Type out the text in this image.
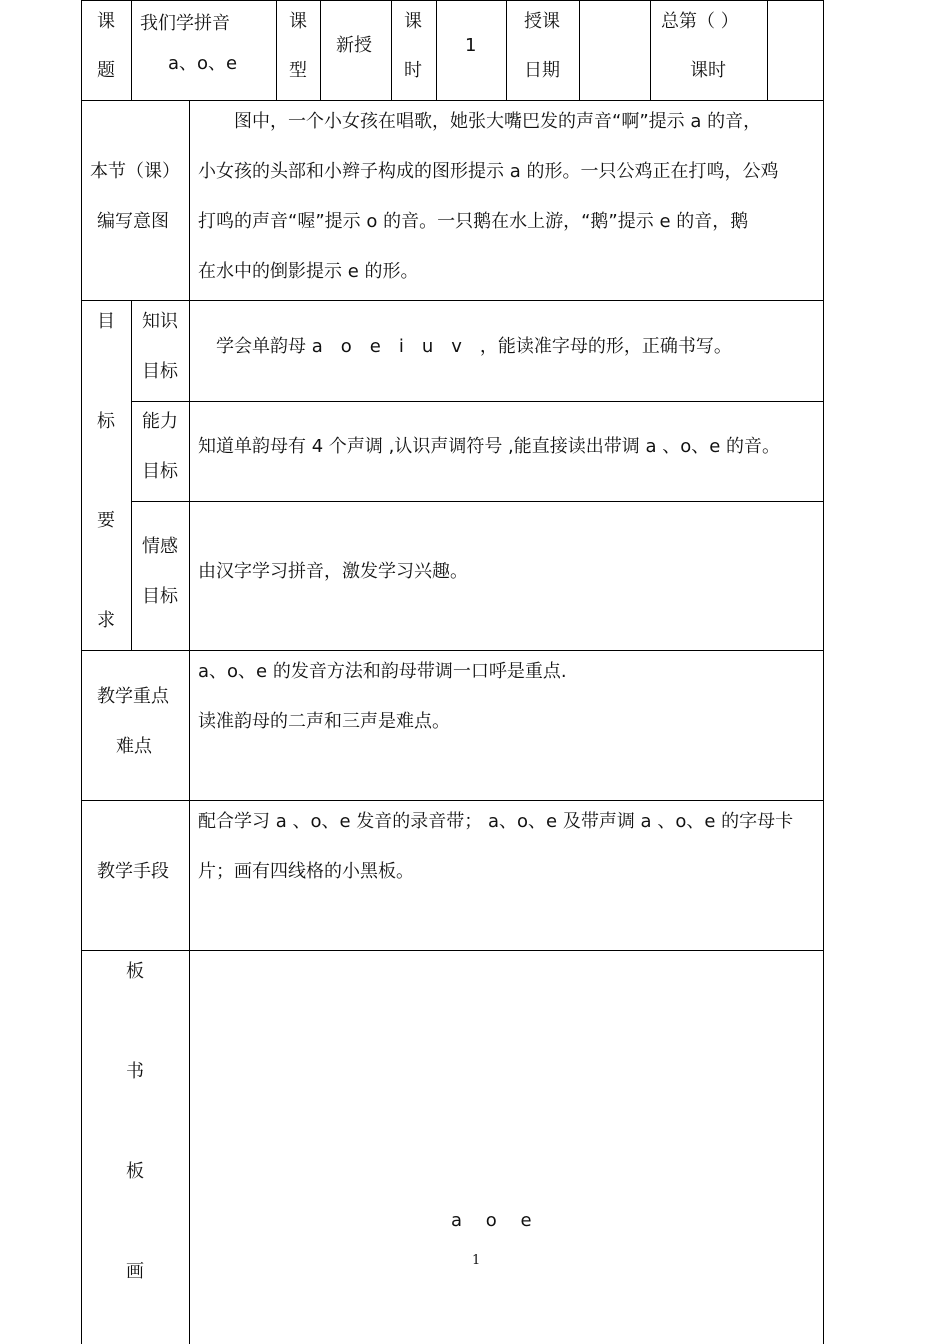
课
题
我们学拼音
a、o、e
课
型
新授
课
时
1
授课
日期
总第（ ）
课时
本节（课）
编写意图
　　图中，一个小女孩在唱歌，她张大嘴巴发的声音“啊”提示 a 的音，
小女孩的头部和小辫子构成的图形提示 a 的形。一只公鸡正在打鸣，公鸡
打鸣的声音“喔”提示 o 的音。一只鹅在水上游，“鹅”提示 e 的音，鹅
在水中的倒影提示 e 的形。
目
标
要
求
知识
目标
学会单韵母 a　o　e　i　u　v　，能读准字母的形，正确书写。
能力
目标
知道单韵母有 4 个声调 ,认识声调符号 ,能直接读出带调 a 、o、e 的音。
情感
目标
由汉字学习拼音，激发学习兴趣。
教学重点
难点
a、o、e 的发音方法和韵母带调一口呼是重点.
读准韵母的二声和三声是难点。
教学手段
配合学习 a 、o、e 发音的录音带； a、o、e 及带声调 a 、o、e 的字母卡
片；画有四线格的小黑板。
板
书
板
画
a　 o　 e
1
